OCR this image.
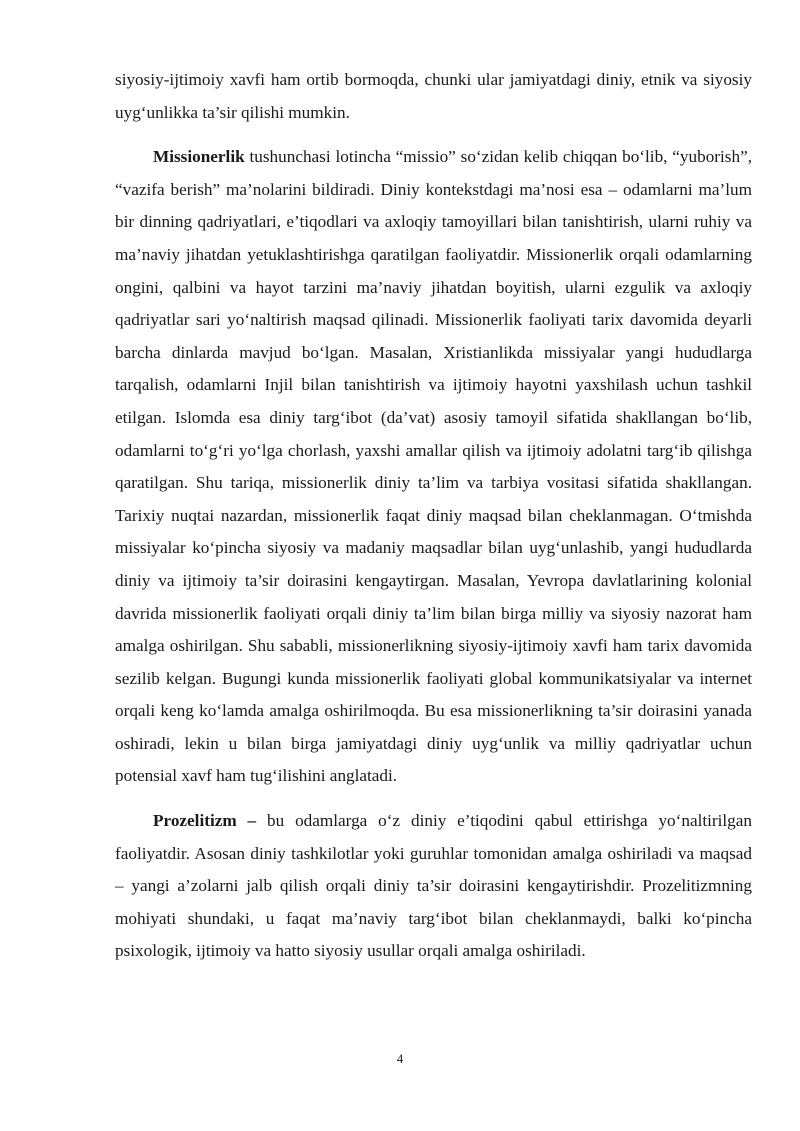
siyosiy-ijtimoiy xavfi ham ortib bormoqda, chunki ular jamiyatdagi diniy, etnik va siyosiy uyg‘unlikka ta’sir qilishi mumkin.

Missionerlik tushunchasi lotincha “missio” so‘zidan kelib chiqqan bo‘lib, “yuborish”, “vazifa berish” ma’nolarini bildiradi. Diniy kontekstdagi ma’nosi esa – odamlarni ma’lum bir dinning qadriyatlari, e’tiqodlari va axloqiy tamoyillari bilan tanishtirish, ularni ruhiy va ma’naviy jihatdan yetuklashtirishga qaratilgan faoliyatdir. Missionerlik orqali odamlarning ongini, qalbini va hayot tarzini ma’naviy jihatdan boyitish, ularni ezgulik va axloqiy qadriyatlar sari yo‘naltirish maqsad qilinadi. Missionerlik faoliyati tarix davomida deyarli barcha dinlarda mavjud bo‘lgan. Masalan, Xristianlikda missiyalar yangi hududlarga tarqalish, odamlarni Injil bilan tanishtirish va ijtimoiy hayotni yaxshilash uchun tashkil etilgan. Islomda esa diniy targ‘ibot (da’vat) asosiy tamoyil sifatida shakllangan bo‘lib, odamlarni to‘g‘ri yo‘lga chorlash, yaxshi amallar qilish va ijtimoiy adolatni targ‘ib qilishga qaratilgan. Shu tariqa, missionerlik diniy ta’lim va tarbiya vositasi sifatida shakllangan. Tarixiy nuqtai nazardan, missionerlik faqat diniy maqsad bilan cheklanmagan. O‘tmishda missiyalar ko‘pincha siyosiy va madaniy maqsadlar bilan uyg‘unlashib, yangi hududlarda diniy va ijtimoiy ta’sir doirasini kengaytirgan. Masalan, Yevropa davlatlarining kolonial davrida missionerlik faoliyati orqali diniy ta’lim bilan birga milliy va siyosiy nazorat ham amalga oshirilgan. Shu sababli, missionerlikning siyosiy-ijtimoiy xavfi ham tarix davomida sezilib kelgan. Bugungi kunda missionerlik faoliyati global kommunikatsiyalar va internet orqali keng ko‘lamda amalga oshirilmoqda. Bu esa missionerlikning ta’sir doirasini yanada oshiradi, lekin u bilan birga jamiyatdagi diniy uyg‘unlik va milliy qadriyatlar uchun potensial xavf ham tug‘ilishini anglatadi.

Prozelitizm – bu odamlarga o‘z diniy e’tiqodini qabul ettirishga yo‘naltirilgan faoliyatdir. Asosan diniy tashkilotlar yoki guruhlar tomonidan amalga oshiriladi va maqsad – yangi a’zolarni jalb qilish orqali diniy ta’sir doirasini kengaytirishdir. Prozelitizmning mohiyati shundaki, u faqat ma’naviy targ‘ibot bilan cheklanmaydi, balki ko‘pincha psixologik, ijtimoiy va hatto siyosiy usullar orqali amalga oshiriladi.

4
